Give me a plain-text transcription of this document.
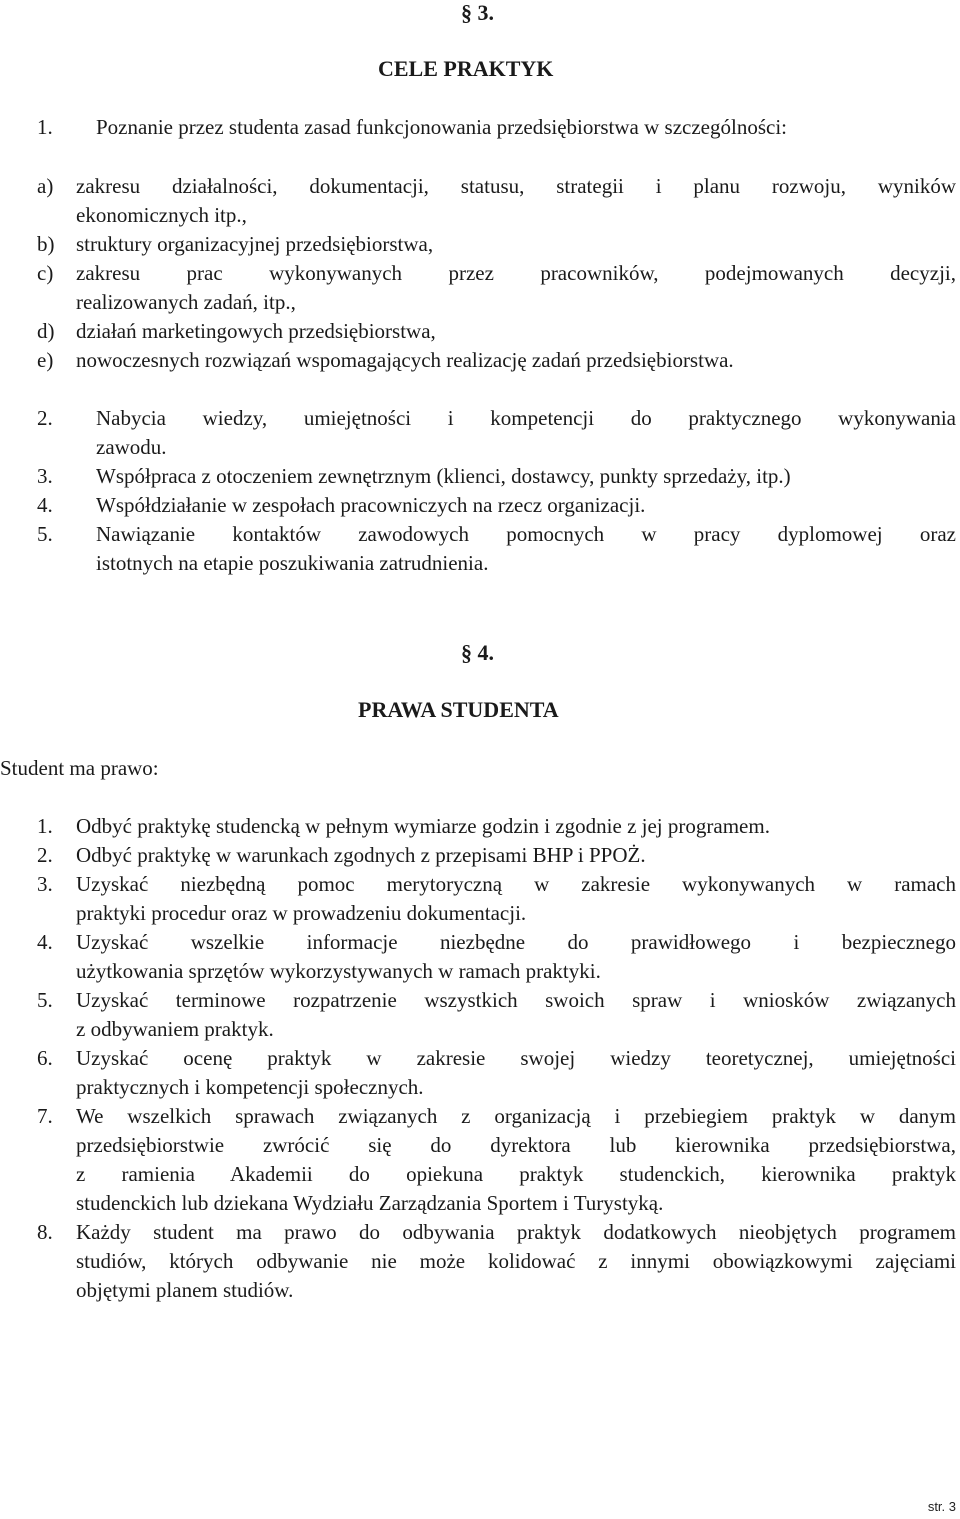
§ 3.
CELE PRAKTYK
1. Poznanie przez studenta zasad funkcjonowania przedsiębiorstwa w szczególności:
a) zakresu działalności, dokumentacji, statusu, strategii i planu rozwoju, wyników
ekonomicznych itp.,
b) struktury organizacyjnej przedsiębiorstwa,
c) zakresu prac wykonywanych przez pracowników, podejmowanych decyzji,
realizowanych zadań, itp.,
d) działań marketingowych przedsiębiorstwa,
e) nowoczesnych rozwiązań wspomagających realizację zadań przedsiębiorstwa.
2. Nabycia wiedzy, umiejętności i kompetencji do praktycznego wykonywania
zawodu.
3. Współpraca z otoczeniem zewnętrznym (klienci, dostawcy, punkty sprzedaży, itp.)
4. Współdziałanie w zespołach pracowniczych na rzecz organizacji.
5. Nawiązanie kontaktów zawodowych pomocnych w pracy dyplomowej oraz
istotnych na etapie poszukiwania zatrudnienia.
§ 4.
PRAWA STUDENTA
Student ma prawo:
1. Odbyć praktykę studencką w pełnym wymiarze godzin i zgodnie z jej programem.
2. Odbyć praktykę w warunkach zgodnych z przepisami BHP i PPOŻ.
3. Uzyskać niezbędną pomoc merytoryczną w zakresie wykonywanych w ramach
praktyki procedur oraz w prowadzeniu dokumentacji.
4. Uzyskać wszelkie informacje niezbędne do prawidłowego i bezpiecznego
użytkowania sprzętów wykorzystywanych w ramach praktyki.
5. Uzyskać terminowe rozpatrzenie wszystkich swoich spraw i wniosków związanych
z odbywaniem praktyk.
6. Uzyskać ocenę praktyk w zakresie swojej wiedzy teoretycznej, umiejętności
praktycznych i kompetencji społecznych.
7. We wszelkich sprawach związanych z organizacją i przebiegiem praktyk w danym
przedsiębiorstwie zwrócić się do dyrektora lub kierownika przedsiębiorstwa,
z ramienia Akademii do opiekuna praktyk studenckich, kierownika praktyk
studenckich lub dziekana Wydziału Zarządzania Sportem i Turystyką.
8. Każdy student ma prawo do odbywania praktyk dodatkowych nieobjętych programem
studiów, których odbywanie nie może kolidować z innymi obowiązkowymi zajęciami
objętymi planem studiów.
str. 3
